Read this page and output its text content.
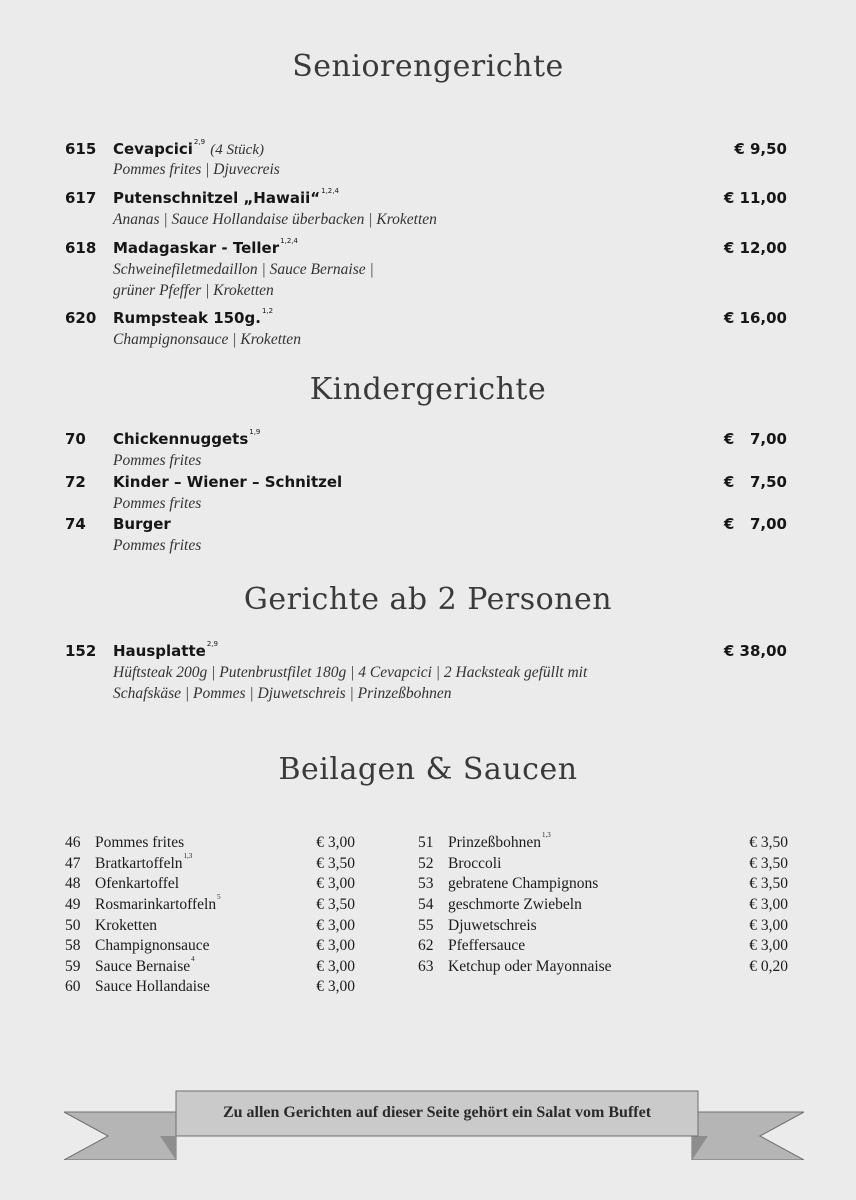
Seniorengerichte
615 Cevapcici$^{2,9}$ (4 Stück)	€ 9,50
Pommes frites | Djuvecreis
617 Putenschnitzel „Hawaii“$^{1,2,4}$	€ 11,00
Ananas | Sauce Hollandaise überbacken | Kroketten
618 Madagaskar - Teller$^{1,2,4}$	€ 12,00
Schweinefiletmedaillon | Sauce Bernaise |
grüner Pfeffer | Kroketten
620 Rumpsteak 150g.$^{1,2}$	€ 16,00
Champignonsauce | Kroketten
Kindergerichte
70 Chickennuggets$^{1,9}$	€   7,00
Pommes frites
72 Kinder – Wiener – Schnitzel	€   7,50
Pommes frites
74 Burger	€   7,00
Pommes frites
Gerichte ab 2 Personen
152 Hausplatte$^{2,9}$	€ 38,00
Hüftsteak 200g | Putenbrustfilet 180g | 4 Cevapcici | 2 Hacksteak gefüllt mit
Schafskäse | Pommes | Djuwetschreis | Prinzeßbohnen
Beilagen & Saucen
46 Pommes frites	€ 3,00
47 Bratkartoffeln$^{1,3}$	€ 3,50
48 Ofenkartoffel	€ 3,00
49 Rosmarinkartoffeln$^5$	€ 3,50
50 Kroketten	€ 3,00
58 Champignonsauce	€ 3,00
59 Sauce Bernaise$^4$	€ 3,00
60 Sauce Hollandaise	€ 3,00
51 Prinzeßbohnen$^{1,3}$	€ 3,50
52 Broccoli	€ 3,50
53 gebratene Champignons	€ 3,50
54 geschmorte Zwiebeln	€ 3,00
55 Djuwetschreis	€ 3,00
62 Pfeffersauce	€ 3,00
63 Ketchup oder Mayonnaise	€ 0,20
Zu allen Gerichten auf dieser Seite gehört ein Salat vom Buffet
